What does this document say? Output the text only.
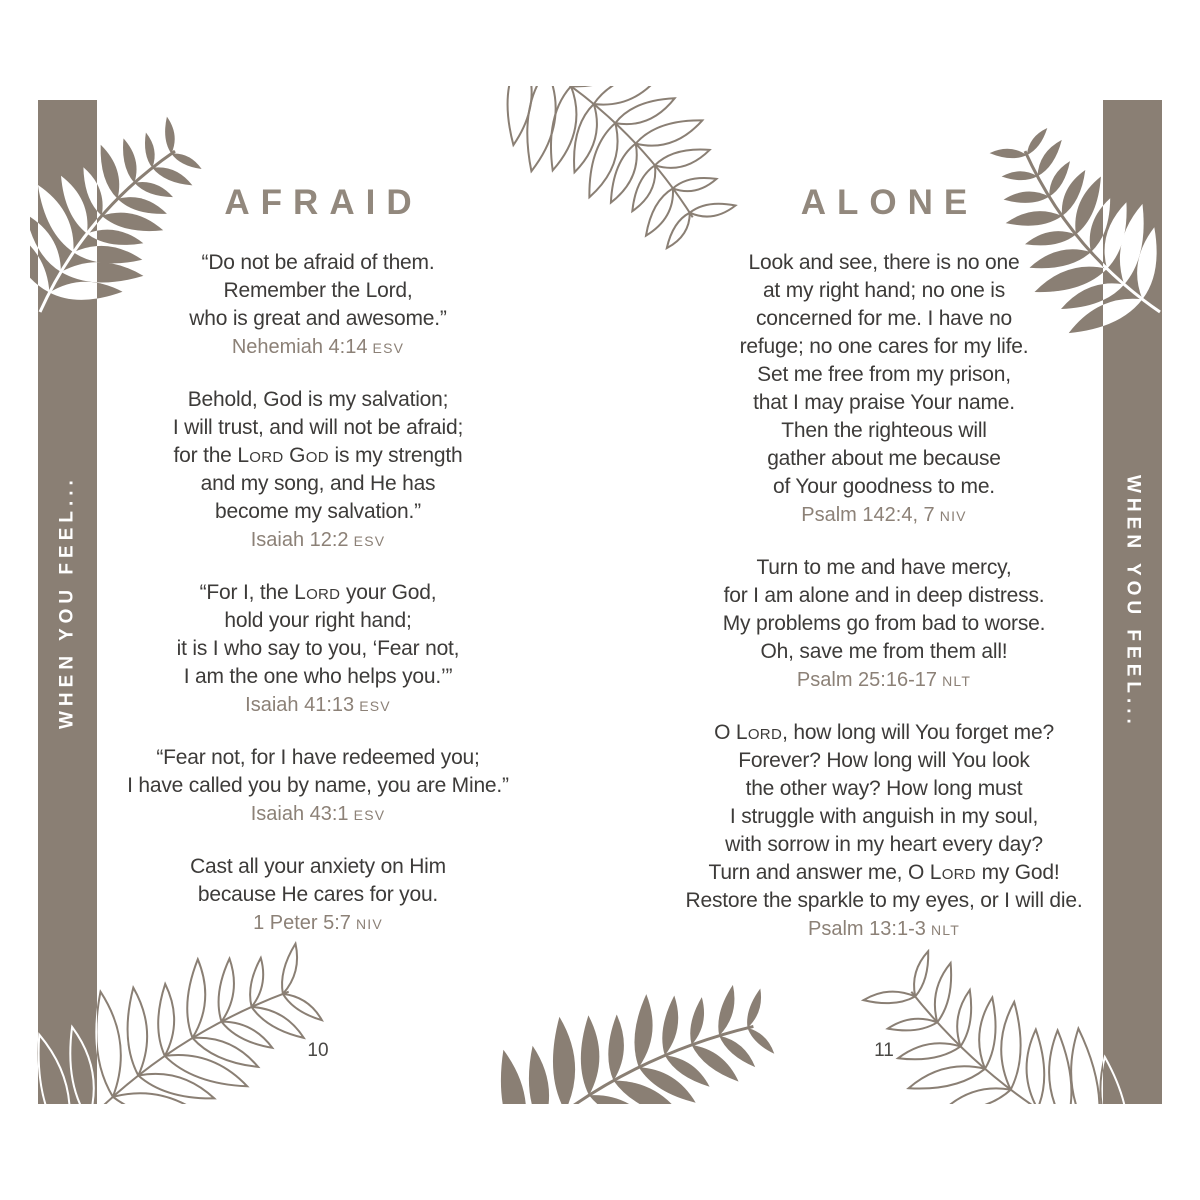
WHEN YOU FEEL...	WHEN YOU FEEL...
AFRAID
“Do not be afraid of them.
Remember the Lord,
who is great and awesome.”
Nehemiah 4:14 ESV
Behold, God is my salvation;
I will trust, and will not be afraid;
for the Lord God is my strength
and my song, and He has
become my salvation.”
Isaiah 12:2 ESV
“For I, the Lord your God,
hold your right hand;
it is I who say to you, ‘Fear not,
I am the one who helps you.’”
Isaiah 41:13 ESV
“Fear not, for I have redeemed you;
I have called you by name, you are Mine.”
Isaiah 43:1 ESV
Cast all your anxiety on Him
because He cares for you.
1 Peter 5:7 NIV
10
ALONE
Look and see, there is no one
at my right hand; no one is
concerned for me. I have no
refuge; no one cares for my life.
Set me free from my prison,
that I may praise Your name.
Then the righteous will
gather about me because
of Your goodness to me.
Psalm 142:4, 7 NIV
Turn to me and have mercy,
for I am alone and in deep distress.
My problems go from bad to worse.
Oh, save me from them all!
Psalm 25:16-17 NLT
O Lord, how long will You forget me?
Forever? How long will You look
the other way? How long must
I struggle with anguish in my soul,
with sorrow in my heart every day?
Turn and answer me, O Lord my God!
Restore the sparkle to my eyes, or I will die.
Psalm 13:1-3 NLT
11
